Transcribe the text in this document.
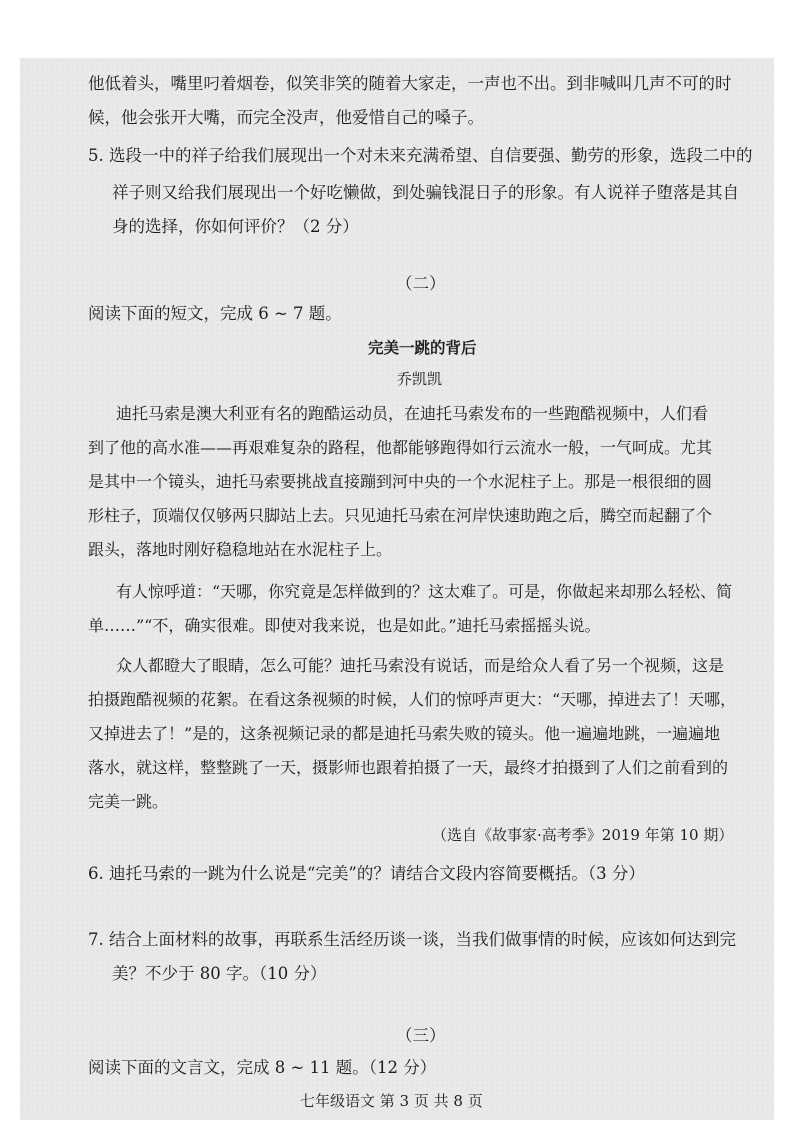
他低着头，嘴里叼着烟卷，似笑非笑的随着大家走，一声也不出。到非喊叫几声不可的时
候，他会张开大嘴，而完全没声，他爱惜自己的嗓子。
5. 选段一中的祥子给我们展现出一个对未来充满希望、自信要强、勤劳的形象，选段二中的
祥子则又给我们展现出一个好吃懒做，到处骗钱混日子的形象。有人说祥子堕落是其自
身的选择，你如何评价？（2 分）
（二）
阅读下面的短文，完成 6 ~ 7 题。
完美一跳的背后
乔凯凯
迪托马索是澳大利亚有名的跑酷运动员，在迪托马索发布的一些跑酷视频中，人们看
到了他的高水准——再艰难复杂的路程，他都能够跑得如行云流水一般，一气呵成。尤其
是其中一个镜头，迪托马索要挑战直接蹦到河中央的一个水泥柱子上。那是一根很细的圆
形柱子，顶端仅仅够两只脚站上去。只见迪托马索在河岸快速助跑之后，腾空而起翻了个
跟头，落地时刚好稳稳地站在水泥柱子上。
有人惊呼道：“天哪，你究竟是怎样做到的？这太难了。可是，你做起来却那么轻松、简
单……”“不，确实很难。即使对我来说，也是如此。”迪托马索摇摇头说。
众人都瞪大了眼睛，怎么可能？迪托马索没有说话，而是给众人看了另一个视频，这是
拍摄跑酷视频的花絮。在看这条视频的时候，人们的惊呼声更大：“天哪，掉进去了！天哪，
又掉进去了！”是的，这条视频记录的都是迪托马索失败的镜头。他一遍遍地跳，一遍遍地
落水，就这样，整整跳了一天，摄影师也跟着拍摄了一天，最终才拍摄到了人们之前看到的
完美一跳。
（选自《故事家·高考季》2019 年第 10 期）
6. 迪托马索的一跳为什么说是“完美”的？请结合文段内容简要概括。（3 分）
7. 结合上面材料的故事，再联系生活经历谈一谈，当我们做事情的时候，应该如何达到完
美？不少于 80 字。（10 分）
（三）
阅读下面的文言文，完成 8 ~ 11 题。（12 分）
七年级语文 第 3 页 共 8 页
